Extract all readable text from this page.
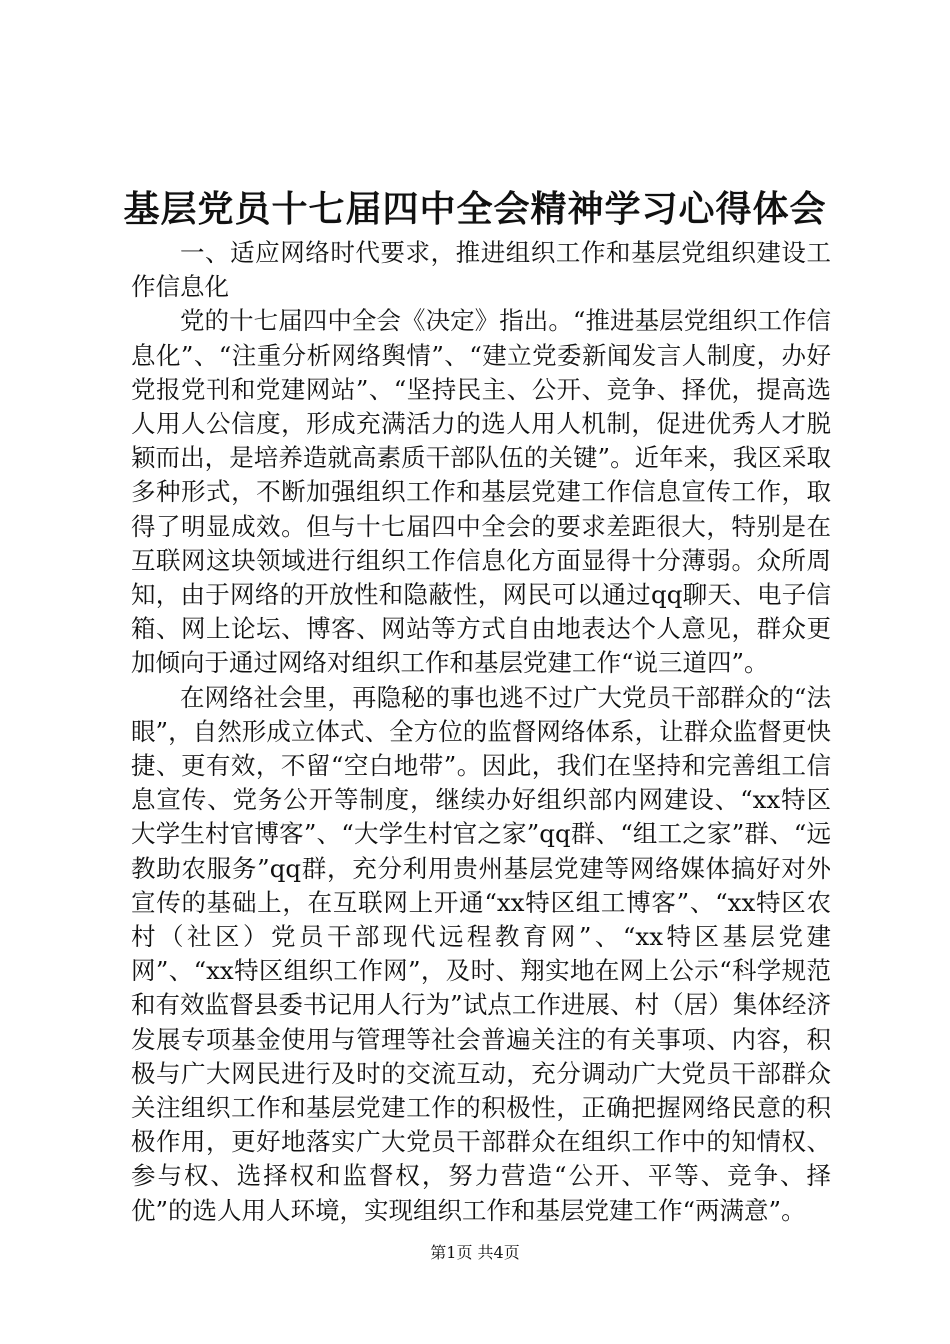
基层党员十七届四中全会精神学习心得体会

一、适应网络时代要求，推进组织工作和基层党组织建设工作信息化

党的十七届四中全会《决定》指出。“推进基层党组织工作信息化”、“注重分析网络舆情”、“建立党委新闻发言人制度，办好党报党刊和党建网站”、“坚持民主、公开、竞争、择优，提高选人用人公信度，形成充满活力的选人用人机制，促进优秀人才脱颖而出，是培养造就高素质干部队伍的关键”。近年来，我区采取多种形式，不断加强组织工作和基层党建工作信息宣传工作，取得了明显成效。但与十七届四中全会的要求差距很大，特别是在互联网这块领域进行组织工作信息化方面显得十分薄弱。众所周知，由于网络的开放性和隐蔽性，网民可以通过qq聊天、电子信箱、网上论坛、博客、网站等方式自由地表达个人意见，群众更加倾向于通过网络对组织工作和基层党建工作“说三道四”。

在网络社会里，再隐秘的事也逃不过广大党员干部群众的“法眼”，自然形成立体式、全方位的监督网络体系，让群众监督更快捷、更有效，不留“空白地带”。因此，我们在坚持和完善组工信息宣传、党务公开等制度，继续办好组织部内网建设、“xx特区大学生村官博客”、“大学生村官之家”qq群、“组工之家”群、“远教助农服务”qq群，充分利用贵州基层党建等网络媒体搞好对外宣传的基础上，在互联网上开通“xx特区组工博客”、“xx特区农村（社区）党员干部现代远程教育网”、“xx特区基层党建网”、“xx特区组织工作网”，及时、翔实地在网上公示“科学规范和有效监督县委书记用人行为”试点工作进展、村（居）集体经济发展专项基金使用与管理等社会普遍关注的有关事项、内容，积极与广大网民进行及时的交流互动，充分调动广大党员干部群众关注组织工作和基层党建工作的积极性，正确把握网络民意的积极作用，更好地落实广大党员干部群众在组织工作中的知情权、参与权、选择权和监督权，努力营造“公开、平等、竞争、择优”的选人用人环境，实现组织工作和基层党建工作“两满意”。

第1页 共4页
